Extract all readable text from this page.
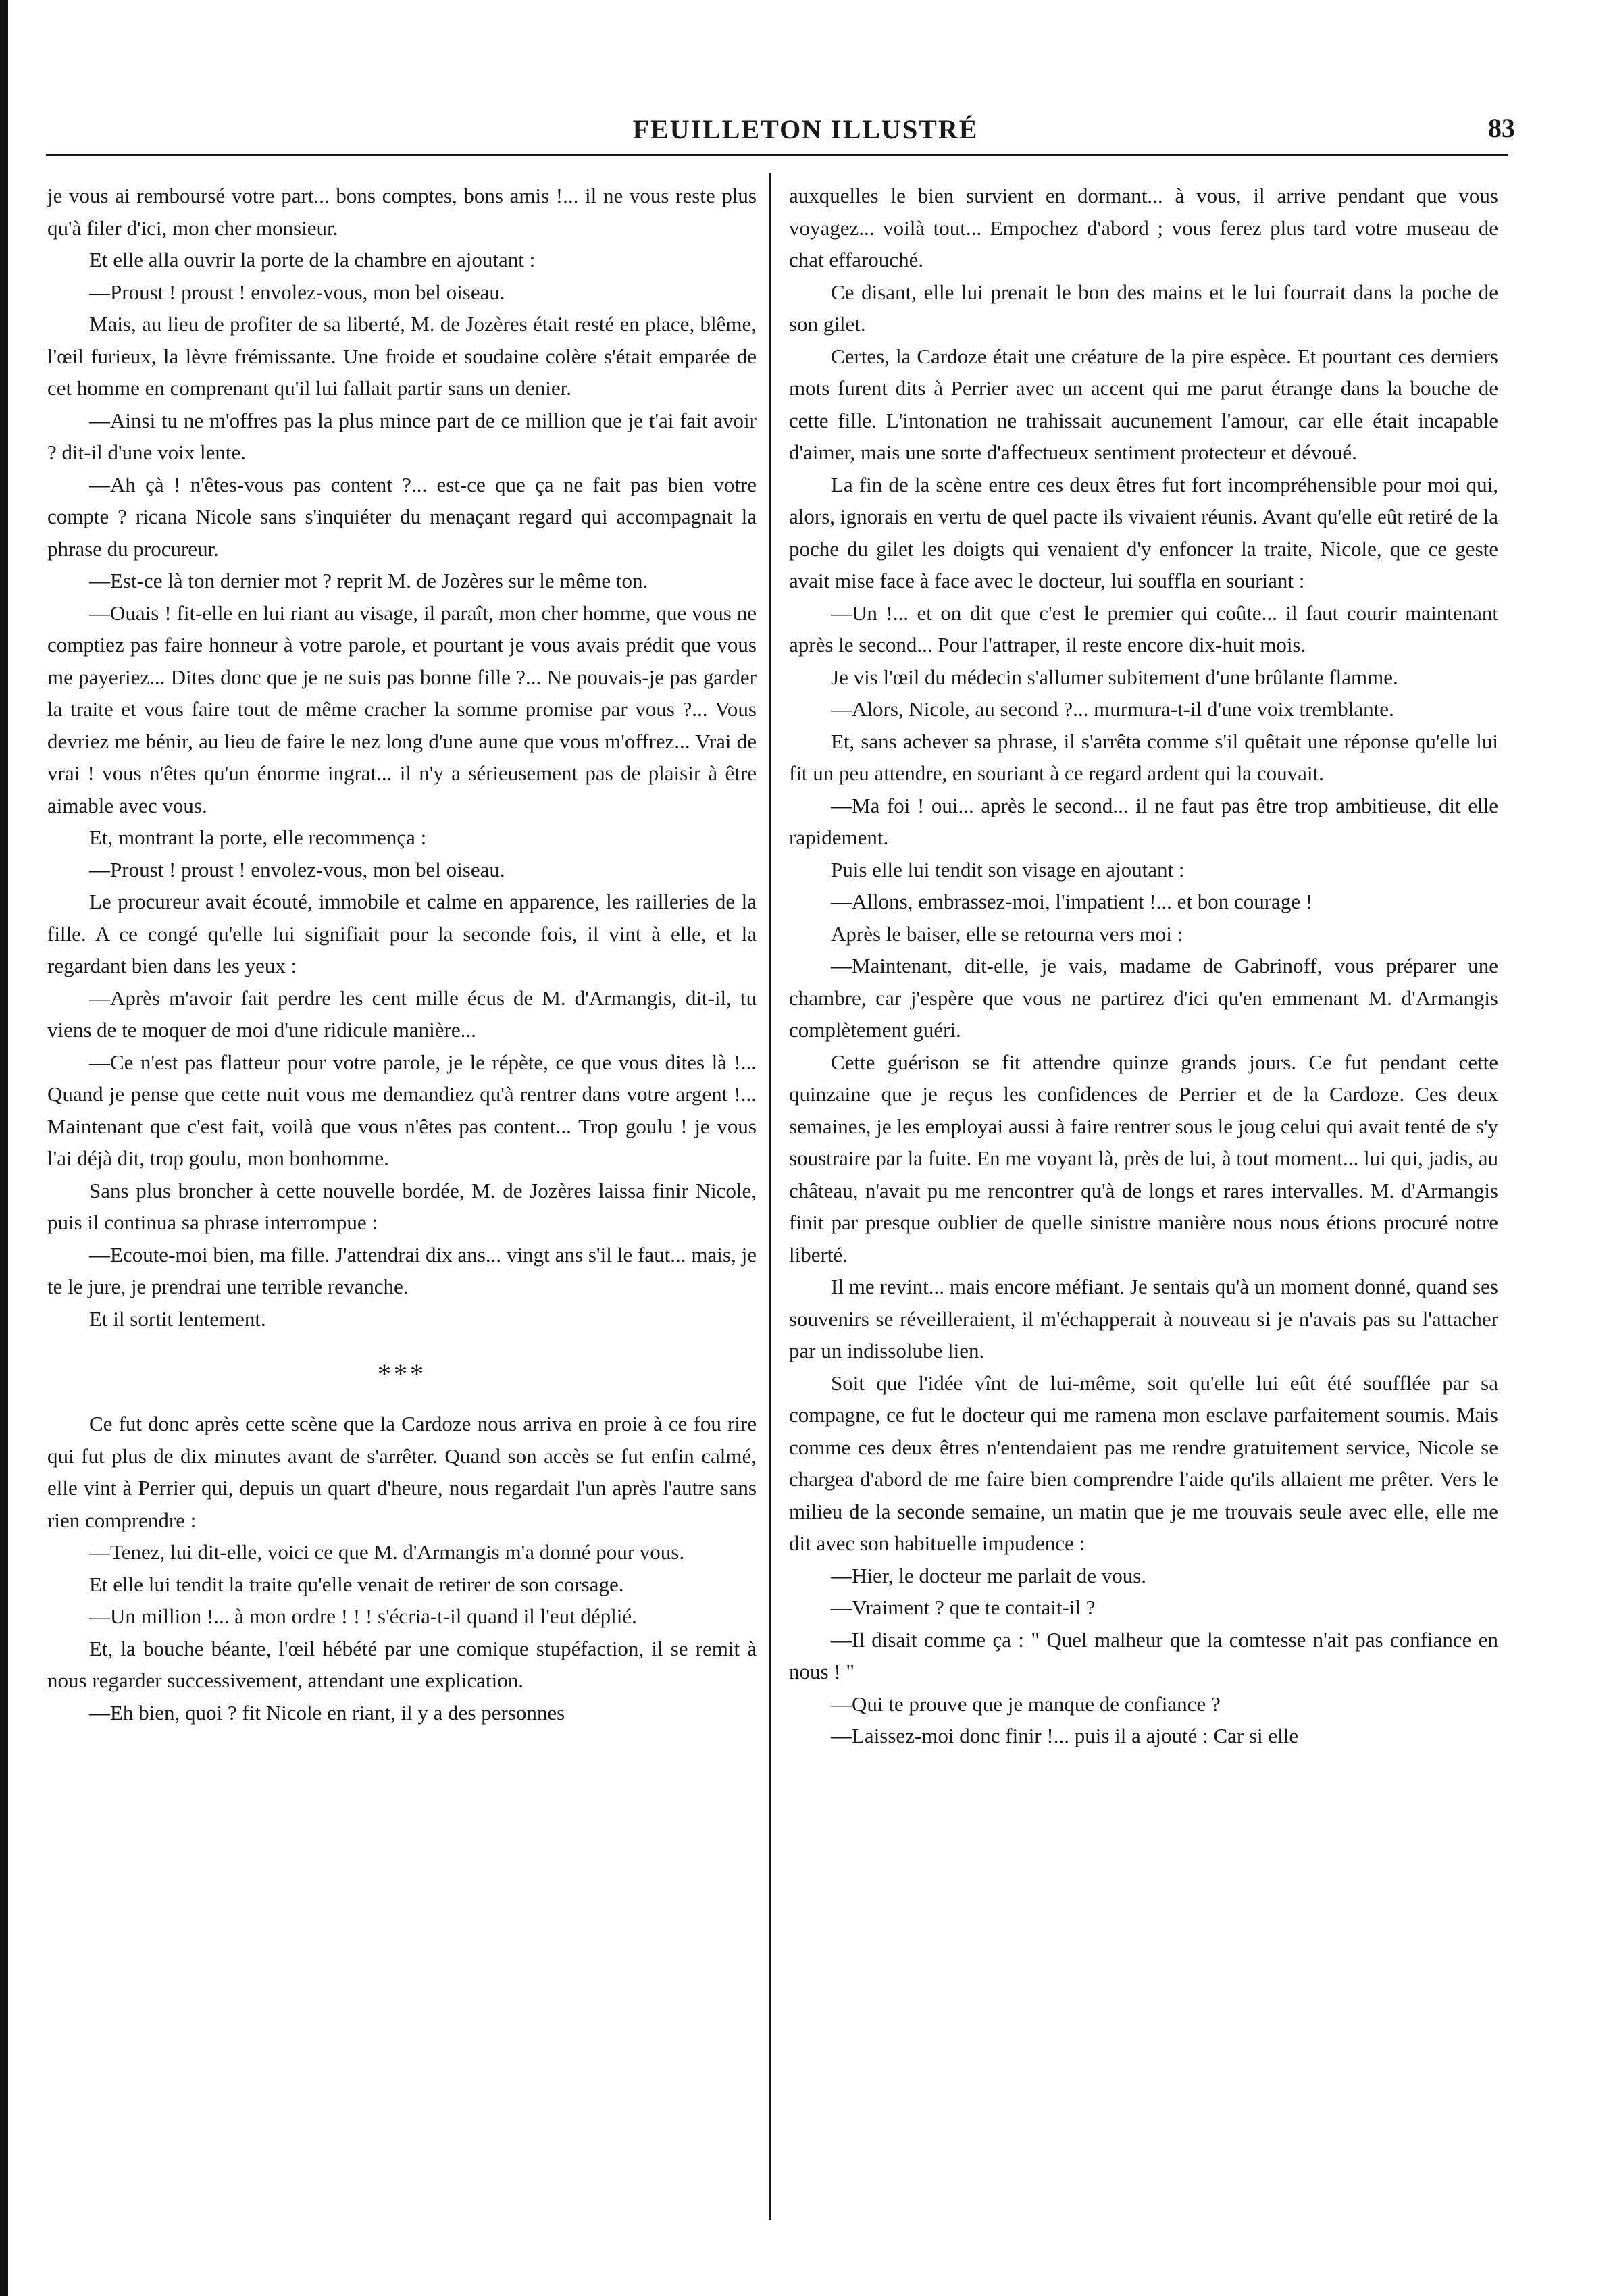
FEUILLETON ILLUSTRÉ	83

je vous ai remboursé votre part... bons comptes, bons amis !... il ne vous reste plus qu'à filer d'ici, mon cher monsieur.

Et elle alla ouvrir la porte de la chambre en ajoutant :

—Proust ! proust ! envolez-vous, mon bel oiseau.

Mais, au lieu de profiter de sa liberté, M. de Jozères était resté en place, blême, l'œil furieux, la lèvre frémissante. Une froide et soudaine colère s'était emparée de cet homme en comprenant qu'il lui fallait partir sans un denier.

—Ainsi tu ne m'offres pas la plus mince part de ce million que je t'ai fait avoir ? dit-il d'une voix lente.

—Ah çà ! n'êtes-vous pas content ?... est-ce que ça ne fait pas bien votre compte ? ricana Nicole sans s'inquiéter du menaçant regard qui accompagnait la phrase du procureur.

—Est-ce là ton dernier mot ? reprit M. de Jozères sur le même ton.

—Ouais ! fit-elle en lui riant au visage, il paraît, mon cher homme, que vous ne comptiez pas faire honneur à votre parole, et pourtant je vous avais prédit que vous me payeriez... Dites donc que je ne suis pas bonne fille ?... Ne pouvais-je pas garder la traite et vous faire tout de même cracher la somme promise par vous ?... Vous devriez me bénir, au lieu de faire le nez long d'une aune que vous m'offrez... Vrai de vrai ! vous n'êtes qu'un énorme ingrat... il n'y a sérieusement pas de plaisir à être aimable avec vous.

Et, montrant la porte, elle recommença :

—Proust ! proust ! envolez-vous, mon bel oiseau.

Le procureur avait écouté, immobile et calme en apparence, les railleries de la fille. A ce congé qu'elle lui signifiait pour la seconde fois, il vint à elle, et la regardant bien dans les yeux :

—Après m'avoir fait perdre les cent mille écus de M. d'Armangis, dit-il, tu viens de te moquer de moi d'une ridicule manière...

—Ce n'est pas flatteur pour votre parole, je le répète, ce que vous dites là !... Quand je pense que cette nuit vous me demandiez qu'à rentrer dans votre argent !... Maintenant que c'est fait, voilà que vous n'êtes pas content... Trop goulu ! je vous l'ai déjà dit, trop goulu, mon bonhomme.

Sans plus broncher à cette nouvelle bordée, M. de Jozères laissa finir Nicole, puis il continua sa phrase interrompue :

—Ecoute-moi bien, ma fille. J'attendrai dix ans... vingt ans s'il le faut... mais, je te le jure, je prendrai une terrible revanche.

Et il sortit lentement.

***

Ce fut donc après cette scène que la Cardoze nous arriva en proie à ce fou rire qui fut plus de dix minutes avant de s'arrêter. Quand son accès se fut enfin calmé, elle vint à Perrier qui, depuis un quart d'heure, nous regardait l'un après l'autre sans rien comprendre :

—Tenez, lui dit-elle, voici ce que M. d'Armangis m'a donné pour vous.

Et elle lui tendit la traite qu'elle venait de retirer de son corsage.

—Un million !... à mon ordre ! ! ! s'écria-t-il quand il l'eut déplié.

Et, la bouche béante, l'œil hébété par une comique stupéfaction, il se remit à nous regarder successivement, attendant une explication.

—Eh bien, quoi ? fit Nicole en riant, il y a des personnes

auxquelles le bien survient en dormant... à vous, il arrive pendant que vous voyagez... voilà tout... Empochez d'abord ; vous ferez plus tard votre museau de chat effarouché.

Ce disant, elle lui prenait le bon des mains et le lui fourrait dans la poche de son gilet.

Certes, la Cardoze était une créature de la pire espèce. Et pourtant ces derniers mots furent dits à Perrier avec un accent qui me parut étrange dans la bouche de cette fille. L'intonation ne trahissait aucunement l'amour, car elle était incapable d'aimer, mais une sorte d'affectueux sentiment protecteur et dévoué.

La fin de la scène entre ces deux êtres fut fort incompréhensible pour moi qui, alors, ignorais en vertu de quel pacte ils vivaient réunis. Avant qu'elle eût retiré de la poche du gilet les doigts qui venaient d'y enfoncer la traite, Nicole, que ce geste avait mise face à face avec le docteur, lui souffla en souriant :

—Un !... et on dit que c'est le premier qui coûte... il faut courir maintenant après le second... Pour l'attraper, il reste encore dix-huit mois.

Je vis l'œil du médecin s'allumer subitement d'une brûlante flamme.

—Alors, Nicole, au second ?... murmura-t-il d'une voix tremblante.

Et, sans achever sa phrase, il s'arrêta comme s'il quêtait une réponse qu'elle lui fit un peu attendre, en souriant à ce regard ardent qui la couvait.

—Ma foi ! oui... après le second... il ne faut pas être trop ambitieuse, dit elle rapidement.

Puis elle lui tendit son visage en ajoutant :

—Allons, embrassez-moi, l'impatient !... et bon courage !

Après le baiser, elle se retourna vers moi :

—Maintenant, dit-elle, je vais, madame de Gabrinoff, vous préparer une chambre, car j'espère que vous ne partirez d'ici qu'en emmenant M. d'Armangis complètement guéri.

Cette guérison se fit attendre quinze grands jours. Ce fut pendant cette quinzaine que je reçus les confidences de Perrier et de la Cardoze. Ces deux semaines, je les employai aussi à faire rentrer sous le joug celui qui avait tenté de s'y soustraire par la fuite. En me voyant là, près de lui, à tout moment... lui qui, jadis, au château, n'avait pu me rencontrer qu'à de longs et rares intervalles. M. d'Armangis finit par presque oublier de quelle sinistre manière nous nous étions procuré notre liberté.

Il me revint... mais encore méfiant. Je sentais qu'à un moment donné, quand ses souvenirs se réveilleraient, il m'échapperait à nouveau si je n'avais pas su l'attacher par un indissolube lien.

Soit que l'idée vînt de lui-même, soit qu'elle lui eût été soufflée par sa compagne, ce fut le docteur qui me ramena mon esclave parfaitement soumis. Mais comme ces deux êtres n'entendaient pas me rendre gratuitement service, Nicole se chargea d'abord de me faire bien comprendre l'aide qu'ils allaient me prêter. Vers le milieu de la seconde semaine, un matin que je me trouvais seule avec elle, elle me dit avec son habituelle impudence :

—Hier, le docteur me parlait de vous.

—Vraiment ? que te contait-il ?

—Il disait comme ça : " Quel malheur que la comtesse n'ait pas confiance en nous ! "

—Qui te prouve que je manque de confiance ?

—Laissez-moi donc finir !... puis il a ajouté : Car si elle
